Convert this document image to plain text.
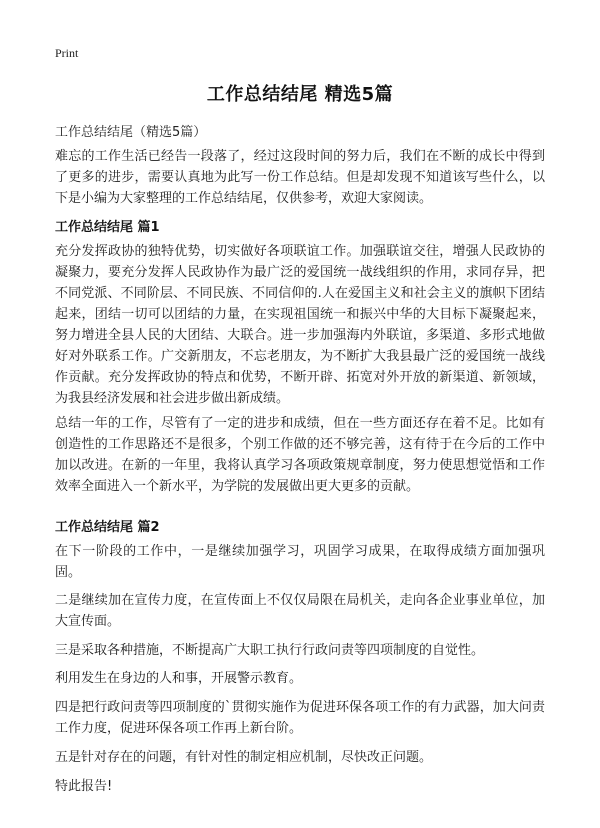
Print
工作总结结尾 精选5篇
工作总结结尾（精选5篇）

难忘的工作生活已经告一段落了，经过这段时间的努力后，我们在不断的成长中得到了更多的进步，需要认真地为此写一份工作总结。但是却发现不知道该写些什么，以下是小编为大家整理的工作总结结尾，仅供参考，欢迎大家阅读。

工作总结结尾 篇1

充分发挥政协的独特优势，切实做好各项联谊工作。加强联谊交往，增强人民政协的凝聚力，要充分发挥人民政协作为最广泛的爱国统一战线组织的作用，求同存异，把不同党派、不同阶层、不同民族、不同信仰的.人在爱国主义和社会主义的旗帜下团结起来，团结一切可以团结的力量，在实现祖国统一和振兴中华的大目标下凝聚起来，努力增进全县人民的大团结、大联合。进一步加强海内外联谊，多渠道、多形式地做好对外联系工作。广交新朋友，不忘老朋友，为不断扩大我县最广泛的爱国统一战线作贡献。充分发挥政协的特点和优势，不断开辟、拓宽对外开放的新渠道、新领域，为我县经济发展和社会进步做出新成绩。

总结一年的工作，尽管有了一定的进步和成绩，但在一些方面还存在着不足。比如有创造性的工作思路还不是很多，个别工作做的还不够完善，这有待于在今后的工作中加以改进。在新的一年里，我将认真学习各项政策规章制度，努力使思想觉悟和工作效率全面进入一个新水平，为学院的发展做出更大更多的贡献。

工作总结结尾 篇2

在下一阶段的工作中，一是继续加强学习，巩固学习成果，在取得成绩方面加强巩固。

二是继续加在宣传力度，在宣传面上不仅仅局限在局机关，走向各企业事业单位，加大宣传面。

三是采取各种措施，不断提高广大职工执行行政问责等四项制度的自觉性。

利用发生在身边的人和事，开展警示教育。

四是把行政问责等四项制度的`贯彻实施作为促进环保各项工作的有力武器，加大问责工作力度，促进环保各项工作再上新台阶。

五是针对存在的问题，有针对性的制定相应机制，尽快改正问题。

特此报告!
